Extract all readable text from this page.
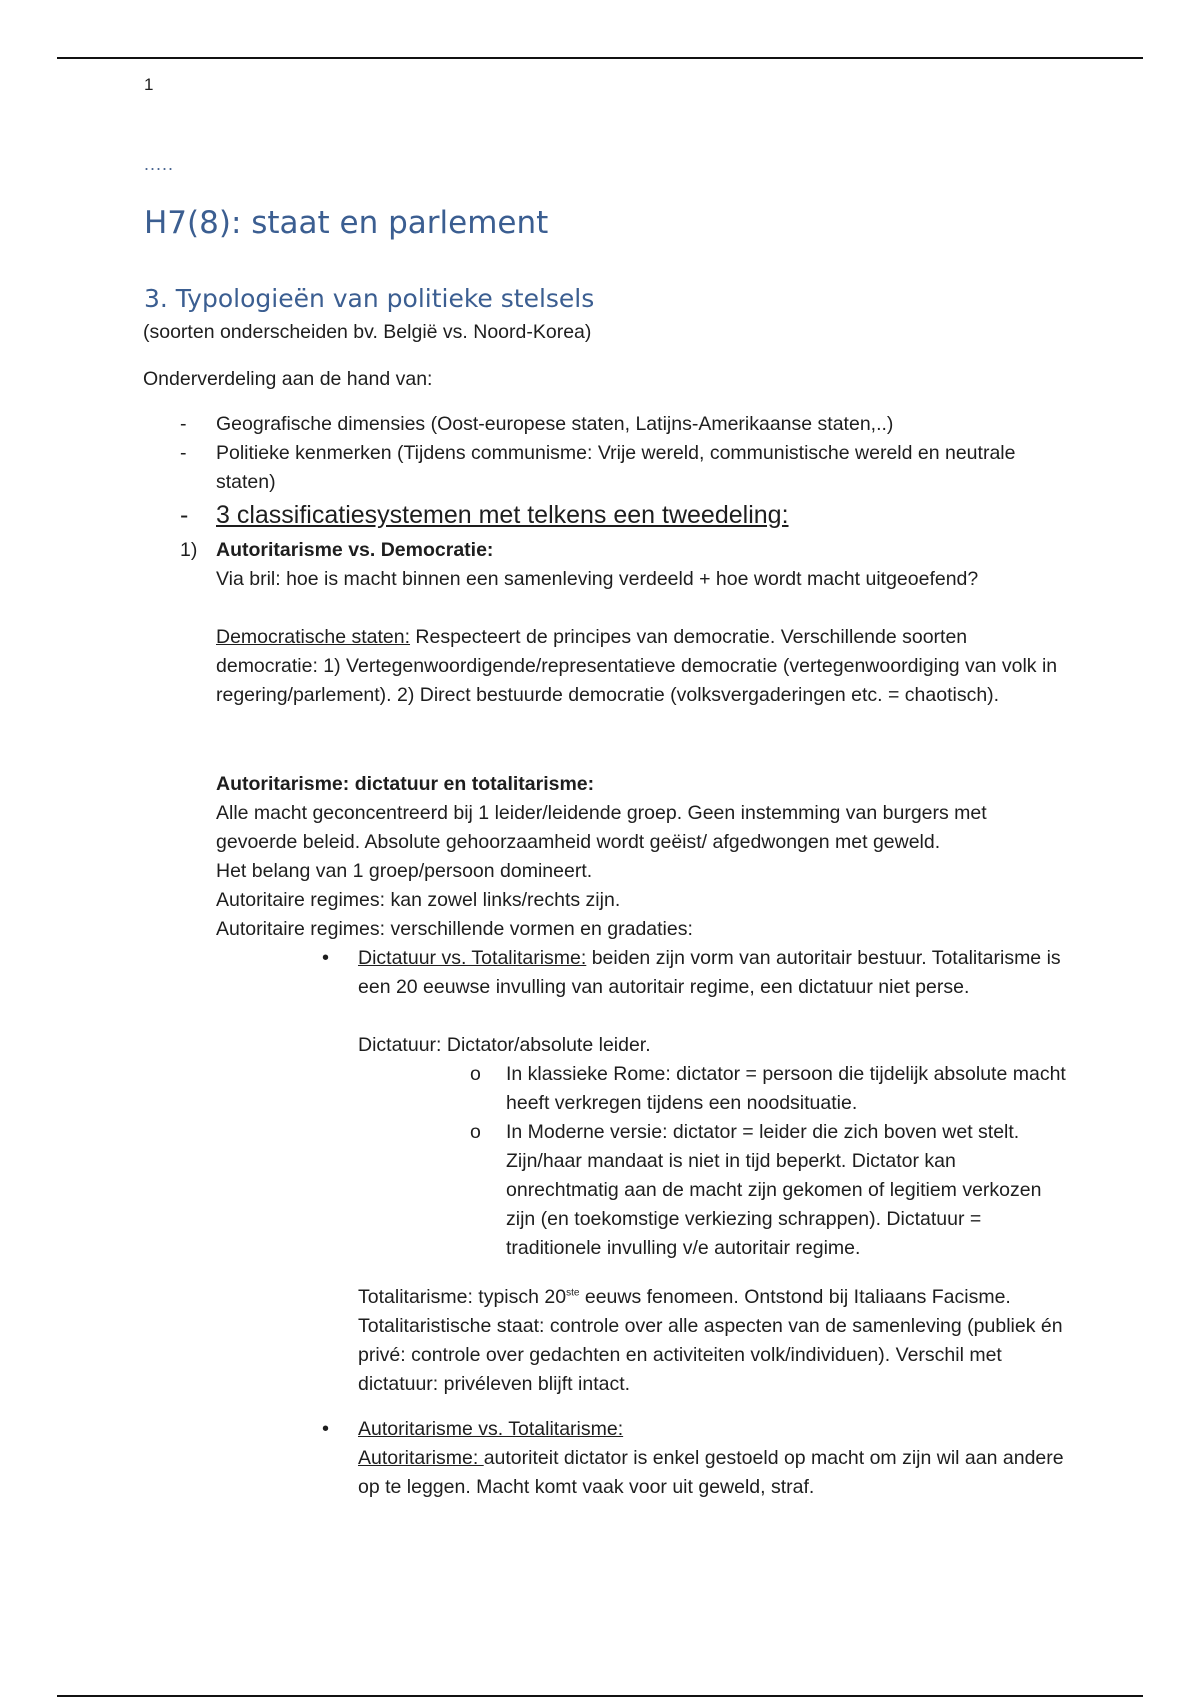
1
.....
H7(8): staat en parlement
3. Typologieën van politieke stelsels
(soorten onderscheiden bv. België vs. Noord-Korea)
Onderverdeling aan de hand van:
- Geografische dimensies (Oost-europese staten, Latijns-Amerikaanse staten,..)
- Politieke kenmerken (Tijdens communisme: Vrije wereld, communistische wereld en neutrale staten)
- 3 classificatiesystemen met telkens een tweedeling:
1) Autoritarisme vs. Democratie:
Via bril: hoe is macht binnen een samenleving verdeeld + hoe wordt macht uitgeoefend?
Democratische staten: Respecteert de principes van democratie. Verschillende soorten democratie: 1) Vertegenwoordigende/representatieve democratie (vertegenwoordiging van volk in regering/parlement). 2) Direct bestuurde democratie (volksvergaderingen etc. = chaotisch).
Autoritarisme: dictatuur en totalitarisme:
Alle macht geconcentreerd bij 1 leider/leidende groep. Geen instemming van burgers met gevoerde beleid. Absolute gehoorzaamheid wordt geëist/ afgedwongen met geweld.
Het belang van 1 groep/persoon domineert.
Autoritaire regimes: kan zowel links/rechts zijn.
Autoritaire regimes: verschillende vormen en gradaties:
• Dictatuur vs. Totalitarisme: beiden zijn vorm van autoritair bestuur. Totalitarisme is een 20 eeuwse invulling van autoritair regime, een dictatuur niet perse.
Dictatuur: Dictator/absolute leider.
o In klassieke Rome: dictator = persoon die tijdelijk absolute macht heeft verkregen tijdens een noodsituatie.
o In Moderne versie: dictator = leider die zich boven wet stelt. Zijn/haar mandaat is niet in tijd beperkt. Dictator kan onrechtmatig aan de macht zijn gekomen of legitiem verkozen zijn (en toekomstige verkiezing schrappen). Dictatuur = traditionele invulling v/e autoritair regime.
Totalitarisme: typisch 20ste eeuws fenomeen. Ontstond bij Italiaans Facisme. Totalitaristische staat: controle over alle aspecten van de samenleving (publiek én privé: controle over gedachten en activiteiten volk/individuen). Verschil met dictatuur: privéleven blijft intact.
• Autoritarisme vs. Totalitarisme:
Autoritarisme: autoriteit dictator is enkel gestoeld op macht om zijn wil aan andere op te leggen. Macht komt vaak voor uit geweld, straf.
